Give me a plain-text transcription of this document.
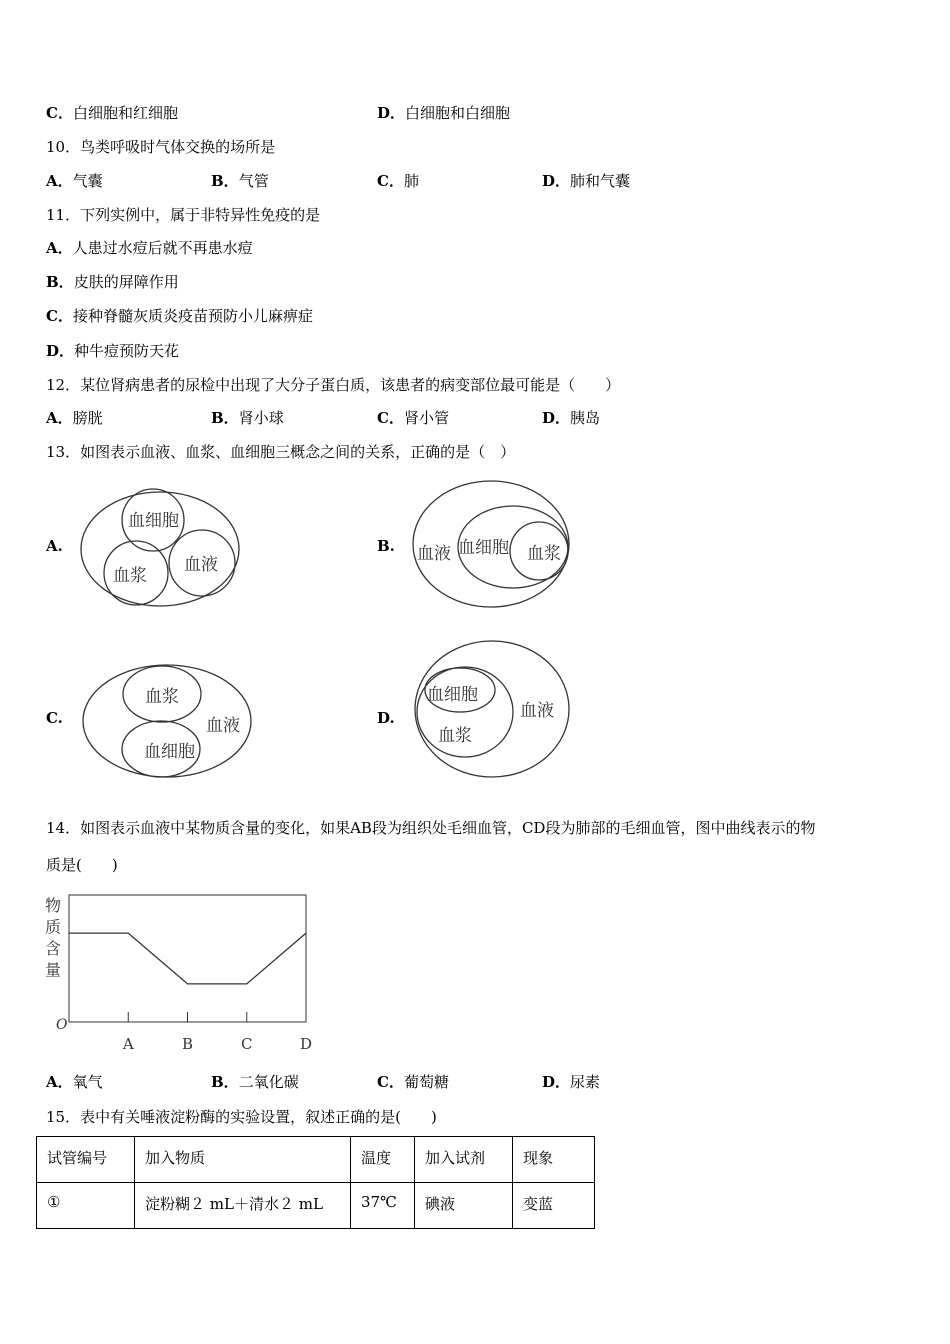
C．白细胞和红细胞	D．白细胞和白细胞
10．鸟类呼吸时气体交换的场所是
A．气囊	B．气管	C．肺	D．肺和气囊
11．下列实例中，属于非特异性免疫的是
A．人患过水痘后就不再患水痘
B．皮肤的屏障作用
C．接种脊髓灰质炎疫苗预防小儿麻痹症
D．种牛痘预防天花
12．某位肾病患者的尿检中出现了大分子蛋白质，该患者的病变部位最可能是（　　）
A．膀胱	B．肾小球	C．肾小管	D．胰岛
13．如图表示血液、血浆、血细胞三概念之间的关系，正确的是（　）
A.
血细胞
血浆
血液
B. 血液 血细胞 血浆
C.
血浆
血液
血细胞
D.
血细胞
血浆
血液
14．如图表示血液中某物质含量的变化，如果AB段为组织处毛细血管，CD段为肺部的毛细血管，图中曲线表示的物
质是(　　)
物
质
含
量
O
A	B	C	D
A．氧气	B．二氧化碳	C．葡萄糖	D．尿素
15．表中有关唾液淀粉酶的实验设置，叙述正确的是(　　)
试管编号	加入物质	温度	加入试剂	现象
①	淀粉糊２ mL＋清水２ mL	37℃	碘液	变蓝
